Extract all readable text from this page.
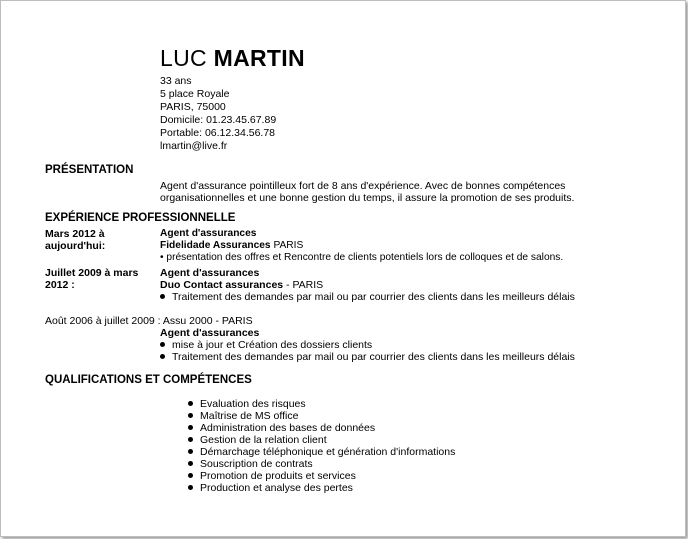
LUC MARTIN
33 ans
5 place Royale
PARIS, 75000
Domicile: 01.23.45.67.89
Portable: 06.12.34.56.78
lmartin@live.fr
PRÉSENTATION
Agent d'assurance pointilleux fort de 8 ans d'expérience. Avec de bonnes compétences
organisationnelles et une bonne gestion du temps, il assure la promotion de ses produits.
EXPÉRIENCE PROFESSIONNELLE
Mars 2012 à
aujourd'hui:
Agent d'assurances
Fidelidade Assurances PARIS
• présentation des offres et Rencontre de clients potentiels lors de colloques et de salons.
Juillet 2009 à mars
2012 :
Agent d'assurances
Duo Contact assurances - PARIS
Traitement des demandes par mail ou par courrier des clients dans les meilleurs délais
Août 2006 à juillet 2009 : Assu 2000 - PARIS
Agent d'assurances
mise à jour et Création des dossiers clients
Traitement des demandes par mail ou par courrier des clients dans les meilleurs délais
QUALIFICATIONS ET COMPÉTENCES
Evaluation des risques
Maîtrise de MS office
Administration des bases de données
Gestion de la relation client
Démarchage téléphonique et génération d'informations
Souscription de contrats
Promotion de produits et services
Production et analyse des pertes
